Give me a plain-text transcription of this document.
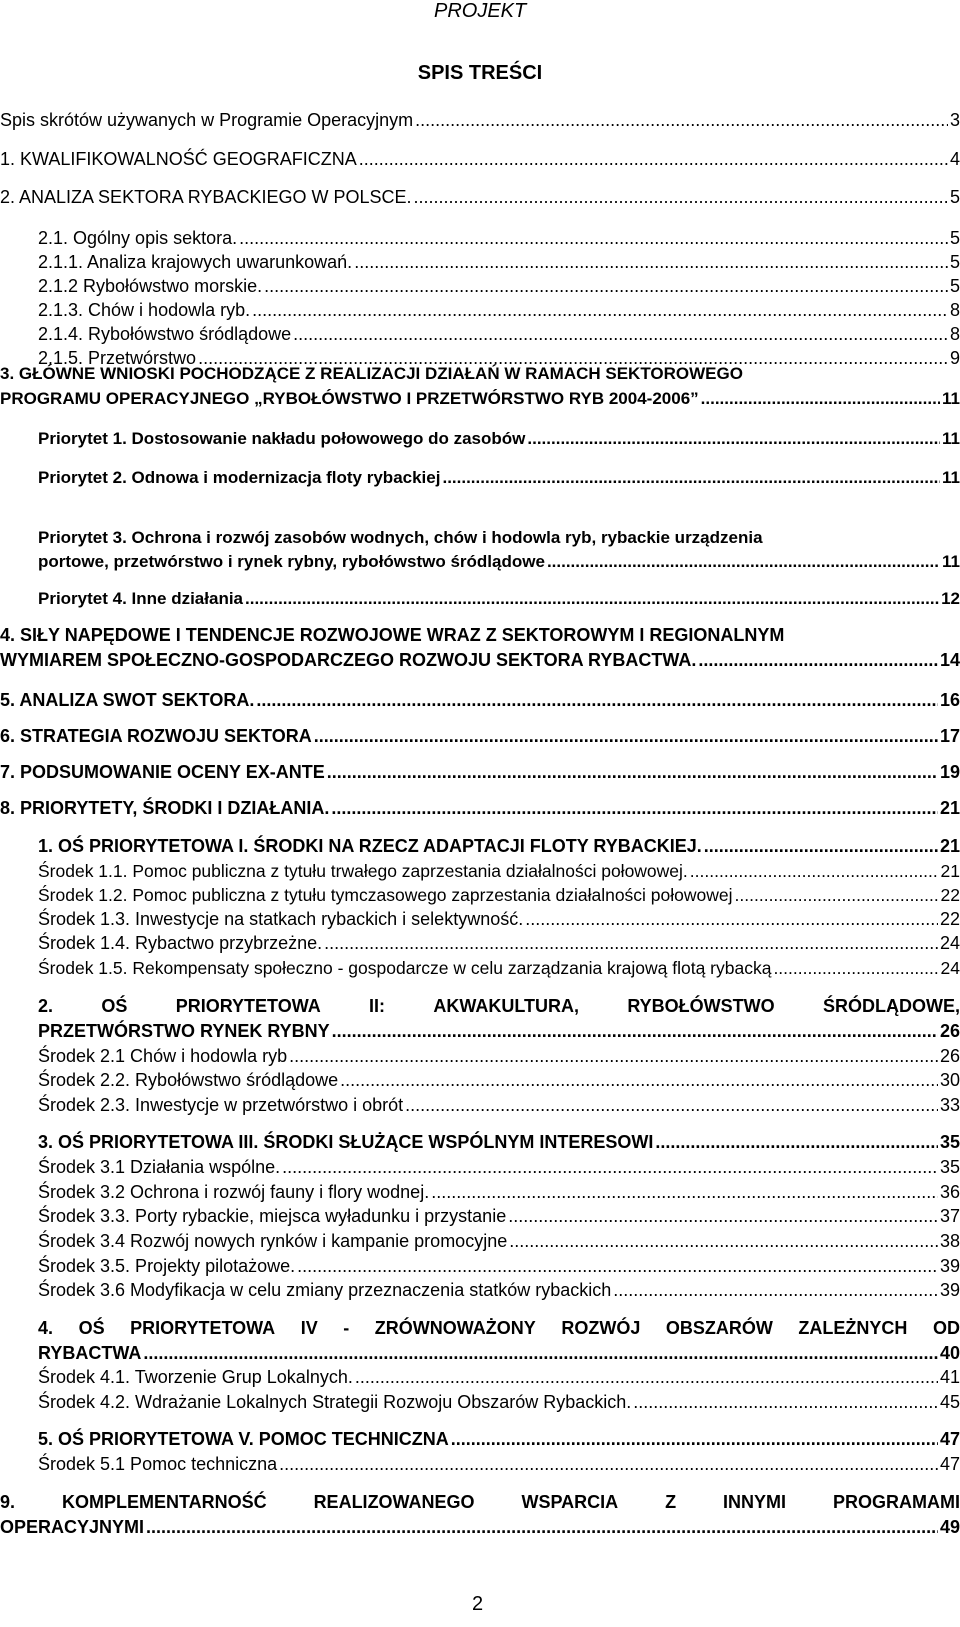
PROJEKT
SPIS TREŚCI
Spis skrótów używanych w Programie Operacyjnym .....	3
1. KWALIFIKOWALNOŚĆ GEOGRAFICZNA .....	4
2. ANALIZA SEKTORA RYBACKIEGO W POLSCE. .....	5
2.1. Ogólny opis sektora. .....	5
2.1.1. Analiza krajowych uwarunkowań. .....	5
2.1.2 Rybołówstwo morskie. .....	5
2.1.3. Chów i hodowla ryb. .....	8
2.1.4. Rybołówstwo śródlądowe .....	8
2.1.5. Przetwórstwo .....	9
3. GŁÓWNE WNIOSKI POCHODZĄCE Z REALIZACJI DZIAŁAŃ W RAMACH SEKTOROWEGO
PROGRAMU OPERACYJNEGO „RYBOŁÓWSTWO I PRZETWÓRSTWO RYB 2004-2006” .....	11
Priorytet 1. Dostosowanie nakładu połowowego do zasobów .....	11
Priorytet 2. Odnowa i modernizacja floty rybackiej .....	11
Priorytet 3. Ochrona i rozwój zasobów wodnych, chów i hodowla ryb, rybackie urządzenia
portowe, przetwórstwo i rynek rybny, rybołówstwo śródlądowe .....	11
Priorytet 4. Inne działania .....	12
4. SIŁY NAPĘDOWE I TENDENCJE ROZWOJOWE WRAZ Z SEKTOROWYM I REGIONALNYM
WYMIAREM SPOŁECZNO-GOSPODARCZEGO ROZWOJU SEKTORA RYBACTWA. .....	14
5. ANALIZA SWOT SEKTORA. .....	16
6. STRATEGIA ROZWOJU SEKTORA .....	17
7. PODSUMOWANIE OCENY EX-ANTE .....	19
8. PRIORYTETY, ŚRODKI I DZIAŁANIA. .....	21
1. OŚ PRIORYTETOWA I. ŚRODKI NA RZECZ ADAPTACJI FLOTY RYBACKIEJ. .....	21
Środek 1.1. Pomoc publiczna z tytułu trwałego zaprzestania działalności połowowej. .....	21
Środek 1.2. Pomoc publiczna z tytułu tymczasowego zaprzestania działalności połowowej .....	22
Środek 1.3. Inwestycje na statkach rybackich i selektywność. .....	22
Środek 1.4. Rybactwo przybrzeżne. .....	24
Środek 1.5. Rekompensaty społeczno - gospodarcze w celu zarządzania krajową flotą rybacką .....	24
2.	OŚ	PRIORYTETOWA	II:	AKWAKULTURA,	RYBOŁÓWSTWO	ŚRÓDLĄDOWE,
PRZETWÓRSTWO RYNEK RYBNY .....	26
Środek 2.1 Chów i hodowla ryb .....	26
Środek 2.2. Rybołówstwo śródlądowe .....	30
Środek 2.3. Inwestycje w przetwórstwo i obrót .....	33
3. OŚ PRIORYTETOWA III. ŚRODKI SŁUŻĄCE WSPÓLNYM INTERESOWI .....	35
Środek 3.1 Działania wspólne. .....	35
Środek 3.2 Ochrona i rozwój fauny i flory wodnej. .....	36
Środek 3.3. Porty rybackie, miejsca wyładunku i przystanie .....	37
Środek 3.4 Rozwój nowych rynków i kampanie promocyjne .....	38
Środek 3.5. Projekty pilotażowe. .....	39
Środek 3.6 Modyfikacja w celu zmiany przeznaczenia statków rybackich .....	39
4. OŚ PRIORYTETOWA IV - ZRÓWNOWAŻONY ROZWÓJ OBSZARÓW ZALEŻNYCH OD
RYBACTWA .....	40
Środek 4.1. Tworzenie Grup Lokalnych. .....	41
Środek 4.2. Wdrażanie Lokalnych Strategii Rozwoju Obszarów Rybackich. .....	45
5. OŚ PRIORYTETOWA V. POMOC TECHNICZNA .....	47
Środek 5.1 Pomoc techniczna .....	47
9.	KOMPLEMENTARNOŚĆ	REALIZOWANEGO	WSPARCIA	Z	INNYMI	PROGRAMAMI
OPERACYJNYMI .....	49
2
